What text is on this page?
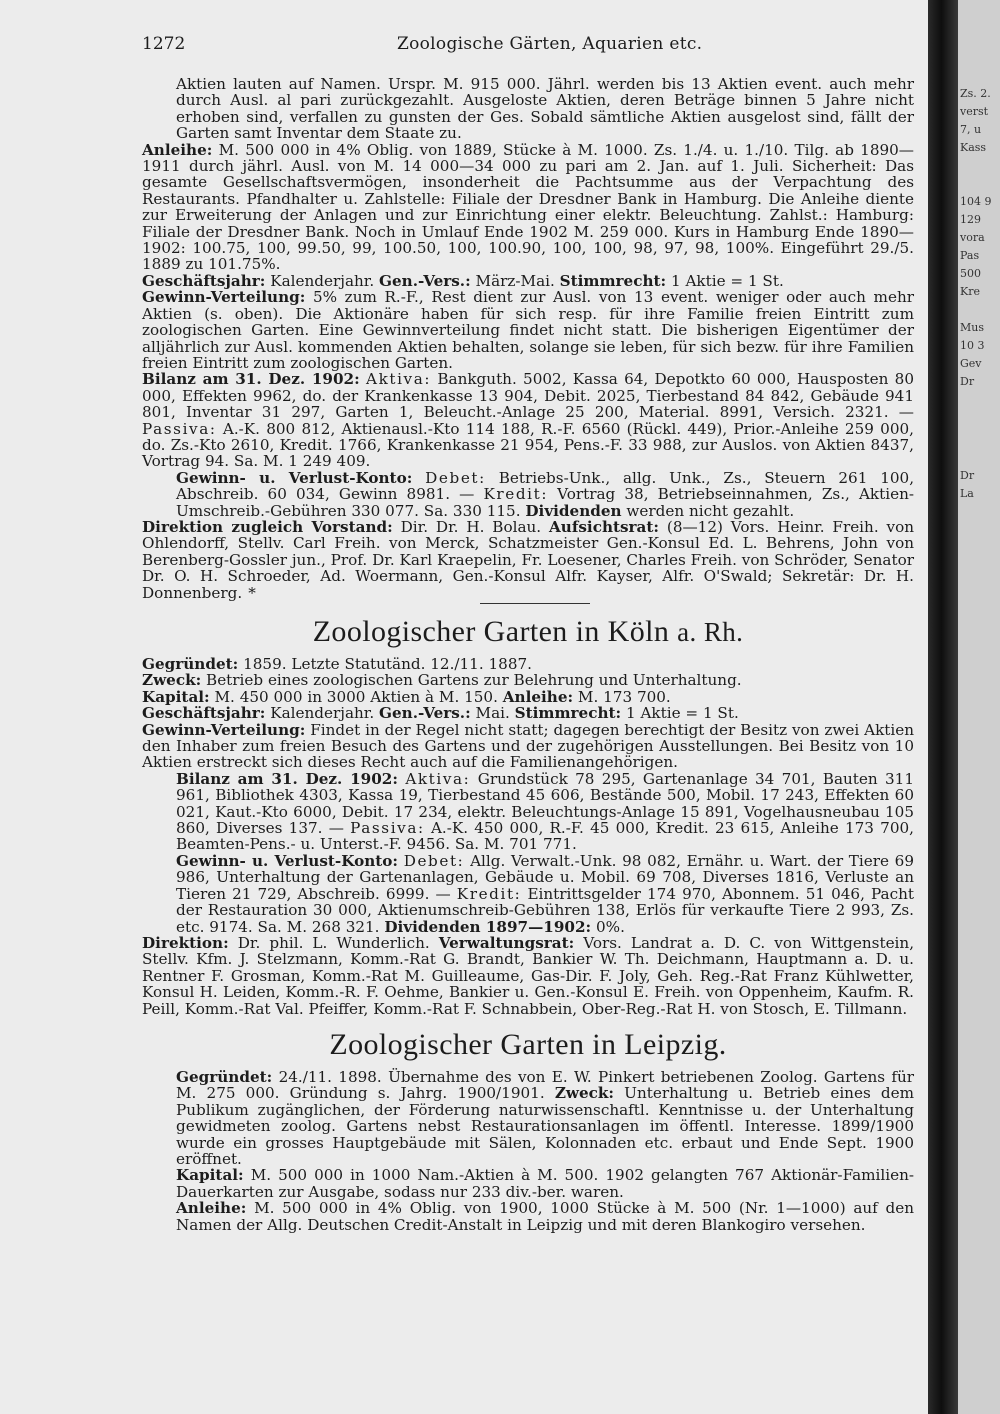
1272	Zoologische Gärten, Aquarien etc.

Aktien lauten auf Namen. Urspr. M. 915 000. Jährl. werden bis 13 Aktien event. auch mehr durch Ausl. al pari zurückgezahlt. Ausgeloste Aktien, deren Beträge binnen 5 Jahre nicht erhoben sind, verfallen zu gunsten der Ges. Sobald sämtliche Aktien ausgelost sind, fällt der Garten samt Inventar dem Staate zu.

Anleihe: M. 500 000 in 4% Oblig. von 1889, Stücke à M. 1000. Zs. 1./4. u. 1./10. Tilg. ab 1890—1911 durch jährl. Ausl. von M. 14 000—34 000 zu pari am 2. Jan. auf 1. Juli. Sicherheit: Das gesamte Gesellschaftsvermögen, insonderheit die Pachtsumme aus der Verpachtung des Restaurants. Pfandhalter u. Zahlstelle: Filiale der Dresdner Bank in Hamburg. Die Anleihe diente zur Erweiterung der Anlagen und zur Einrichtung einer elektr. Beleuchtung. Zahlst.: Hamburg: Filiale der Dresdner Bank. Noch in Umlauf Ende 1902 M. 259 000. Kurs in Hamburg Ende 1890—1902: 100.75, 100, 99.50, 99, 100.50, 100, 100.90, 100, 100, 98, 97, 98, 100%. Eingeführt 29./5. 1889 zu 101.75%.

Geschäftsjahr: Kalenderjahr. Gen.-Vers.: März-Mai. Stimmrecht: 1 Aktie = 1 St.

Gewinn-Verteilung: 5% zum R.-F., Rest dient zur Ausl. von 13 event. weniger oder auch mehr Aktien (s. oben). Die Aktionäre haben für sich resp. für ihre Familie freien Eintritt zum zoologischen Garten. Eine Gewinnverteilung findet nicht statt. Die bisherigen Eigentümer der alljährlich zur Ausl. kommenden Aktien behalten, solange sie leben, für sich bezw. für ihre Familien freien Eintritt zum zoologischen Garten.

Bilanz am 31. Dez. 1902: Aktiva: Bankguth. 5002, Kassa 64, Depotkto 60 000, Hausposten 80 000, Effekten 9962, do. der Krankenkasse 13 904, Debit. 2025, Tierbestand 84 842, Gebäude 941 801, Inventar 31 297, Garten 1, Beleucht.-Anlage 25 200, Material. 8991, Versich. 2321. — Passiva: A.-K. 800 812, Aktienausl.-Kto 114 188, R.-F. 6560 (Rückl. 449), Prior.-Anleihe 259 000, do. Zs.-Kto 2610, Kredit. 1766, Krankenkasse 21 954, Pens.-F. 33 988, zur Auslos. von Aktien 8437, Vortrag 94. Sa. M. 1 249 409.

Gewinn- u. Verlust-Konto: Debet: Betriebs-Unk., allg. Unk., Zs., Steuern 261 100, Abschreib. 60 034, Gewinn 8981. — Kredit: Vortrag 38, Betriebseinnahmen, Zs., Aktien-Umschreib.-Gebühren 330 077. Sa. 330 115. Dividenden werden nicht gezahlt.

Direktion zugleich Vorstand: Dir. Dr. H. Bolau. Aufsichtsrat: (8—12) Vors. Heinr. Freih. von Ohlendorff, Stellv. Carl Freih. von Merck, Schatzmeister Gen.-Konsul Ed. L. Behrens, John von Berenberg-Gossler jun., Prof. Dr. Karl Kraepelin, Fr. Loesener, Charles Freih. von Schröder, Senator Dr. O. H. Schroeder, Ad. Woermann, Gen.-Konsul Alfr. Kayser, Alfr. O'Swald; Sekretär: Dr. H. Donnenberg. *

Zoologischer Garten in Köln a. Rh.

Gegründet: 1859. Letzte Statutänd. 12./11. 1887.

Zweck: Betrieb eines zoologischen Gartens zur Belehrung und Unterhaltung.

Kapital: M. 450 000 in 3000 Aktien à M. 150. Anleihe: M. 173 700.

Geschäftsjahr: Kalenderjahr. Gen.-Vers.: Mai. Stimmrecht: 1 Aktie = 1 St.

Gewinn-Verteilung: Findet in der Regel nicht statt; dagegen berechtigt der Besitz von zwei Aktien den Inhaber zum freien Besuch des Gartens und der zugehörigen Ausstellungen. Bei Besitz von 10 Aktien erstreckt sich dieses Recht auch auf die Familienangehörigen.

Bilanz am 31. Dez. 1902: Aktiva: Grundstück 78 295, Gartenanlage 34 701, Bauten 311 961, Bibliothek 4303, Kassa 19, Tierbestand 45 606, Bestände 500, Mobil. 17 243, Effekten 60 021, Kaut.-Kto 6000, Debit. 17 234, elektr. Beleuchtungs-Anlage 15 891, Vogelhausneubau 105 860, Diverses 137. — Passiva: A.-K. 450 000, R.-F. 45 000, Kredit. 23 615, Anleihe 173 700, Beamten-Pens.- u. Unterst.-F. 9456. Sa. M. 701 771.

Gewinn- u. Verlust-Konto: Debet: Allg. Verwalt.-Unk. 98 082, Ernähr. u. Wart. der Tiere 69 986, Unterhaltung der Gartenanlagen, Gebäude u. Mobil. 69 708, Diverses 1816, Verluste an Tieren 21 729, Abschreib. 6999. — Kredit: Eintrittsgelder 174 970, Abonnem. 51 046, Pacht der Restauration 30 000, Aktienumschreib-Gebühren 138, Erlös für verkaufte Tiere 2 993, Zs. etc. 9174. Sa. M. 268 321. Dividenden 1897—1902: 0%.

Direktion: Dr. phil. L. Wunderlich. Verwaltungsrat: Vors. Landrat a. D. C. von Wittgenstein, Stellv. Kfm. J. Stelzmann, Komm.-Rat G. Brandt, Bankier W. Th. Deichmann, Hauptmann a. D. u. Rentner F. Grosman, Komm.-Rat M. Guilleaume, Gas-Dir. F. Joly, Geh. Reg.-Rat Franz Kühlwetter, Konsul H. Leiden, Komm.-R. F. Oehme, Bankier u. Gen.-Konsul E. Freih. von Oppenheim, Kaufm. R. Peill, Komm.-Rat Val. Pfeiffer, Komm.-Rat F. Schnabbein, Ober-Reg.-Rat H. von Stosch, E. Tillmann.

Zoologischer Garten in Leipzig.

Gegründet: 24./11. 1898. Übernahme des von E. W. Pinkert betriebenen Zoolog. Gartens für M. 275 000. Gründung s. Jahrg. 1900/1901. Zweck: Unterhaltung u. Betrieb eines dem Publikum zugänglichen, der Förderung naturwissenschaftl. Kenntnisse u. der Unterhaltung gewidmeten zoolog. Gartens nebst Restaurationsanlagen im öffentl. Interesse. 1899/1900 wurde ein grosses Hauptgebäude mit Sälen, Kolonnaden etc. erbaut und Ende Sept. 1900 eröffnet.

Kapital: M. 500 000 in 1000 Nam.-Aktien à M. 500. 1902 gelangten 767 Aktionär-Familien-Dauerkarten zur Ausgabe, sodass nur 233 div.-ber. waren.

Anleihe: M. 500 000 in 4% Oblig. von 1900, 1000 Stücke à M. 500 (Nr. 1—1000) auf den Namen der Allg. Deutschen Credit-Anstalt in Leipzig und mit deren Blankogiro versehen.

Zs. 2.
verst
7, u
Kass
104 9
129
vora
Pas
500
Kre
Mus
10 3
Gev
Dr
Dr
La
